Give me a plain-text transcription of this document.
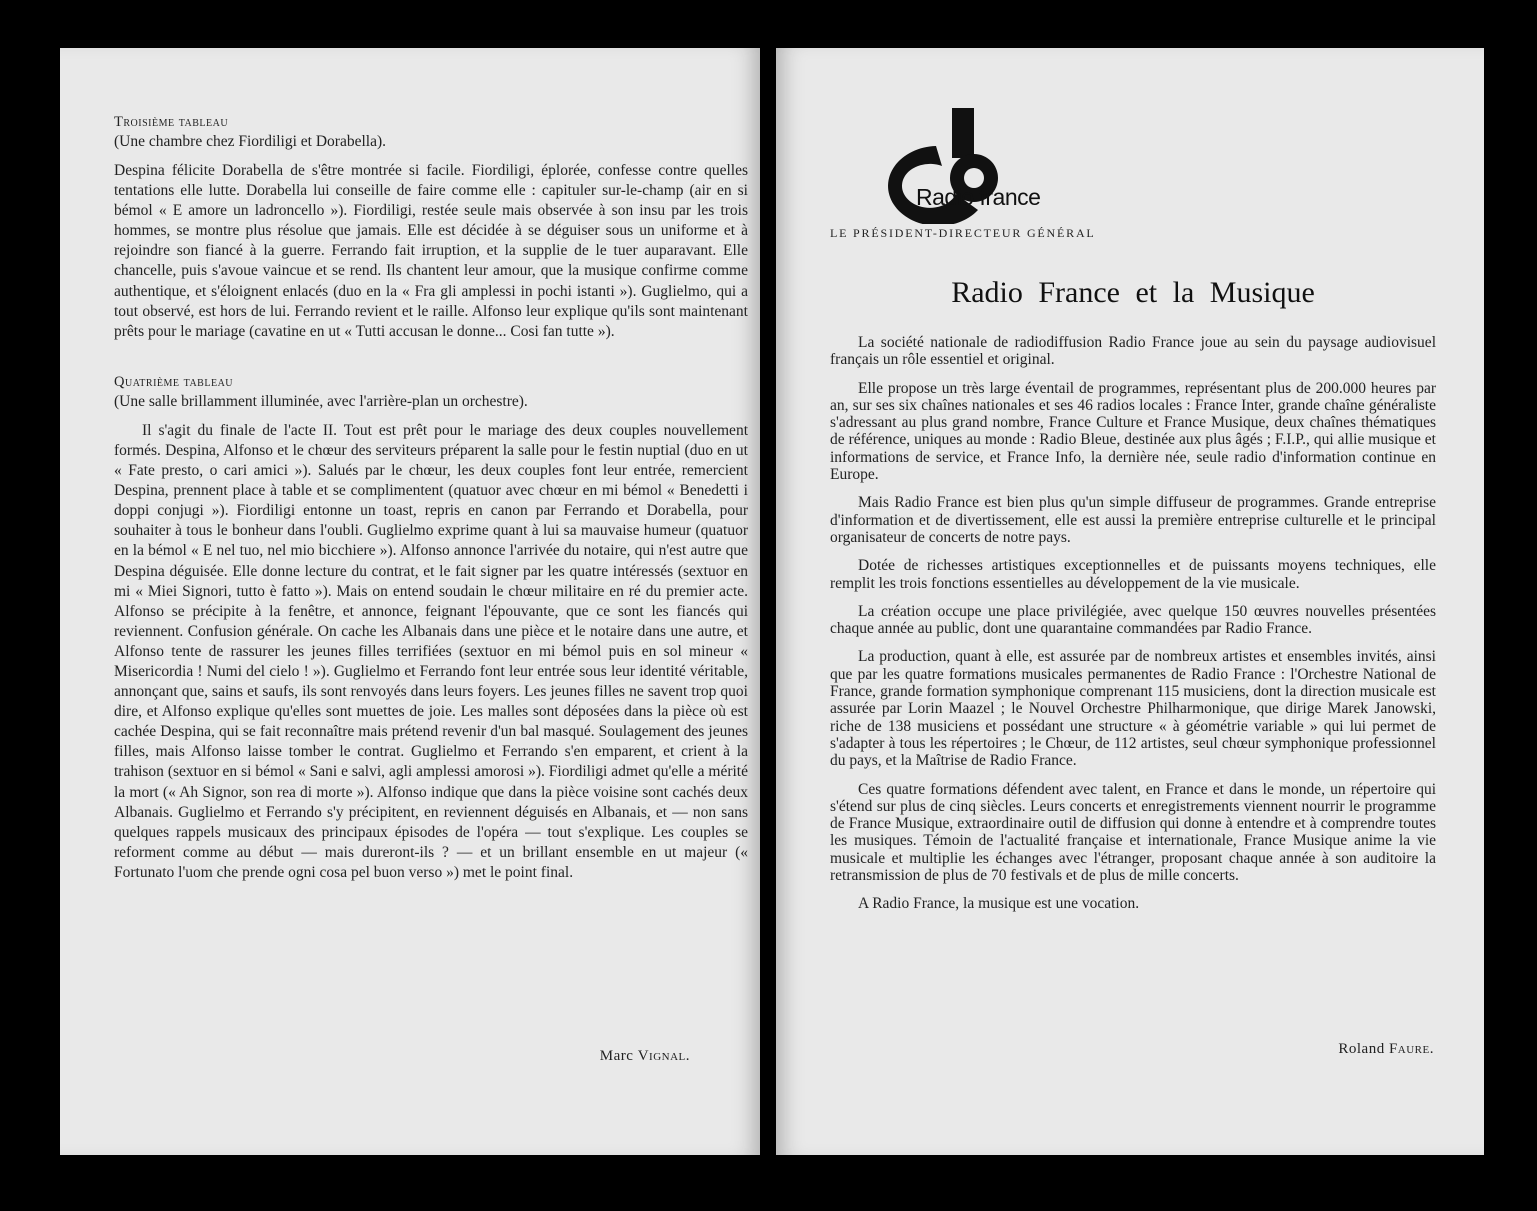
Troisième tableau

(Une chambre chez Fiordiligi et Dorabella).

Despina félicite Dorabella de s'être montrée si facile. Fiordiligi, éplorée, confesse contre quelles tentations elle lutte. Dorabella lui conseille de faire comme elle : capituler sur-le-champ (air en si bémol « E amore un ladroncello »). Fiordiligi, restée seule mais observée à son insu par les trois hommes, se montre plus résolue que jamais. Elle est décidée à se déguiser sous un uniforme et à rejoindre son fiancé à la guerre. Ferrando fait irruption, et la supplie de le tuer auparavant. Elle chancelle, puis s'avoue vaincue et se rend. Ils chantent leur amour, que la musique confirme comme authentique, et s'éloignent enlacés (duo en la « Fra gli amplessi in pochi istanti »). Guglielmo, qui a tout observé, est hors de lui. Ferrando revient et le raille. Alfonso leur explique qu'ils sont maintenant prêts pour le mariage (cavatine en ut « Tutti accusan le donne... Cosi fan tutte »).

Quatrième tableau

(Une salle brillamment illuminée, avec l'arrière-plan un orchestre).

Il s'agit du finale de l'acte II. Tout est prêt pour le mariage des deux couples nouvellement formés. Despina, Alfonso et le chœur des serviteurs préparent la salle pour le festin nuptial (duo en ut « Fate presto, o cari amici »). Salués par le chœur, les deux couples font leur entrée, remercient Despina, prennent place à table et se complimentent (quatuor avec chœur en mi bémol « Benedetti i doppi conjugi »). Fiordiligi entonne un toast, repris en canon par Ferrando et Dorabella, pour souhaiter à tous le bonheur dans l'oubli. Guglielmo exprime quant à lui sa mauvaise humeur (quatuor en la bémol « E nel tuo, nel mio bicchiere »). Alfonso annonce l'arrivée du notaire, qui n'est autre que Despina déguisée. Elle donne lecture du contrat, et le fait signer par les quatre intéressés (sextuor en mi « Miei Signori, tutto è fatto »). Mais on entend soudain le chœur militaire en ré du premier acte. Alfonso se précipite à la fenêtre, et annonce, feignant l'épouvante, que ce sont les fiancés qui reviennent. Confusion générale. On cache les Albanais dans une pièce et le notaire dans une autre, et Alfonso tente de rassurer les jeunes filles terrifiées (sextuor en mi bémol puis en sol mineur « Misericordia ! Numi del cielo ! »). Guglielmo et Ferrando font leur entrée sous leur identité véritable, annonçant que, sains et saufs, ils sont renvoyés dans leurs foyers. Les jeunes filles ne savent trop quoi dire, et Alfonso explique qu'elles sont muettes de joie. Les malles sont déposées dans la pièce où est cachée Despina, qui se fait reconnaître mais prétend revenir d'un bal masqué. Soulagement des jeunes filles, mais Alfonso laisse tomber le contrat. Guglielmo et Ferrando s'en emparent, et crient à la trahison (sextuor en si bémol « Sani e salvi, agli amplessi amorosi »). Fiordiligi admet qu'elle a mérité la mort (« Ah Signor, son rea di morte »). Alfonso indique que dans la pièce voisine sont cachés deux Albanais. Guglielmo et Ferrando s'y précipitent, en reviennent déguisés en Albanais, et — non sans quelques rappels musicaux des principaux épisodes de l'opéra — tout s'explique. Les couples se reforment comme au début — mais dureront-ils ? — et un brillant ensemble en ut majeur (« Fortunato l'uom che prende ogni cosa pel buon verso ») met le point final.

Marc Vignal.
Radio france
LE PRÉSIDENT-DIRECTEUR GÉNÉRAL
Radio France et la Musique

La société nationale de radiodiffusion Radio France joue au sein du paysage audiovisuel français un rôle essentiel et original.

Elle propose un très large éventail de programmes, représentant plus de 200.000 heures par an, sur ses six chaînes nationales et ses 46 radios locales : France Inter, grande chaîne généraliste s'adressant au plus grand nombre, France Culture et France Musique, deux chaînes thématiques de référence, uniques au monde : Radio Bleue, destinée aux plus âgés ; F.I.P., qui allie musique et informations de service, et France Info, la dernière née, seule radio d'information continue en Europe.

Mais Radio France est bien plus qu'un simple diffuseur de programmes. Grande entreprise d'information et de divertissement, elle est aussi la première entreprise culturelle et le principal organisateur de concerts de notre pays.

Dotée de richesses artistiques exceptionnelles et de puissants moyens techniques, elle remplit les trois fonctions essentielles au développement de la vie musicale.

La création occupe une place privilégiée, avec quelque 150 œuvres nouvelles présentées chaque année au public, dont une quarantaine commandées par Radio France.

La production, quant à elle, est assurée par de nombreux artistes et ensembles invités, ainsi que par les quatre formations musicales permanentes de Radio France : l'Orchestre National de France, grande formation symphonique comprenant 115 musiciens, dont la direction musicale est assurée par Lorin Maazel ; le Nouvel Orchestre Philharmonique, que dirige Marek Janowski, riche de 138 musiciens et possédant une structure « à géométrie variable » qui lui permet de s'adapter à tous les répertoires ; le Chœur, de 112 artistes, seul chœur symphonique professionnel du pays, et la Maîtrise de Radio France.

Ces quatre formations défendent avec talent, en France et dans le monde, un répertoire qui s'étend sur plus de cinq siècles. Leurs concerts et enregistrements viennent nourrir le programme de France Musique, extraordinaire outil de diffusion qui donne à entendre et à comprendre toutes les musiques. Témoin de l'actualité française et internationale, France Musique anime la vie musicale et multiplie les échanges avec l'étranger, proposant chaque année à son auditoire la retransmission de plus de 70 festivals et de plus de mille concerts.

A Radio France, la musique est une vocation.

Roland Faure.
